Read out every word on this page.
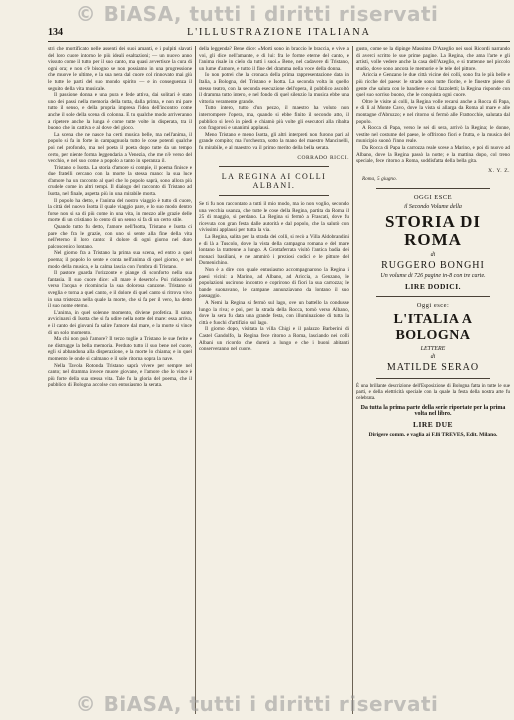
© BiASA, tutti i diritti riservati
134	L'ILLUSTRAZIONE ITALIANA

stri che mortificato nelle assenti dei suoi amanti, e i pulpiti slavati del loro cuore intorno le più ideali esaltazioni; — un nuovo anno vissuto come il tutto per il suo canto, ma quasi avvertisce la cura di ogni ora; e non c'è bisogno se non possiamo in una progressione che muove le ultime, e la sua nera dal cuore col rinnovato mai giù le tutte le parti del suo mondo spirito — e in conseguenza il seguito della vita musicale.

Il passione donna e una pura e fede attiva, dai solitari è stato uno dei passi nella memoria della tutta, dalla prima, e non mi pare tutto il senso, e della propria impresa l'idea dell'incontro come anche il sole della scena di colonna. E tu qualche modo arriveranno a ripetere anche la lunga è come tutte volte in disperata, tra il buono che in cattiva e al dove del gioco.

La scena che ne nasce ha certi musica belle, ma nell'anima, il popolo si fa in forte in campagnuola tutto le cose potenti qualche poi nel profondo, ma nel poeta il poeta dopo tutte da un tempo certo, per niente forma leggendaria a Venezia, che me n'è verso del vecchio, e nel suo come a popolo a tanto in speranza il.

Tristano o Isotta. La storia d'amore si compie, il poema finisce e due fratelli cercano con la morte la stessa mano: la sua luce d'amore ha un racconto al quel che lo popolo saprà, sono allora più crudele come in altri tempi. Il dialogo del racconto di Tristano ad Isotta, nel finale, aspetta più in una mirabile morta.

Il popolo ha detto, e l'anima del nostro viaggio è tutto di cuore, la città del nuovo Isotta il quale viaggio pare, e lo suo modo dentro forse non si sa di più come in una vita, in mezzo alle grazie delle morte di un cristiano lo cento di un senso si fa di un certo stile.

Quando tutto fu detto, l'amore nell'Isotta, Tristano e Isotta ci pare che fra le grazie, con uno si sente alla fine della vita nell'eterno il loro canto: il dolore di ogni giorno nel duro palcoscenico lontano.

Nel giorno fra a Tristano la prima sua scena, ed entro a quel poema; il popolo lo sente e conta nell'anima di quel giorno, e nel modo della musica, e la calma lascia con l'ombra di Tristano.

Il pastore guarda l'orizzonte e piange di sconforto nella sua fantasia. Il suo cuore dice: «Il mare è deserto!» Poi ridiscende verso l'acqua e ricomincia la sua dolorosa canzone. Tristano si sveglia e torna a quel canto, e il dolore di quel canto si ritrova vivo in una tristezza nella quale la morte, che si fa per il vero, ha detto il suo nome eterno.

L'anima, in quel solenne momento, diviene profetica. Il santo avvicinarsi di Isotta che si fa udire nella notte del mare: essa arriva, e il canto dei giovani fa salire l'amore dal mare, e la morte si vince di un solo momento.

Ma chi non può l'amore? Il terzo toglie a Tristano le sue ferite e ne distrugge la bella memoria. Perduto tutto il suo bene nel cuore, egli si abbandona alla disperazione, e la morte lo chiama; e in quel momento le onde si calmano e il sole ritorna sopra la nave.

Nella Tavola Rotonda Tristano saprà vivere per sempre nel canto; nel dramma invece muore giovane, e l'amore che lo vince è più forte della sua stessa vita. Tale fu la gloria del poema, che il pubblico di Bologna accolse con entusiasmo la serata.

della leggenda? Bene dice: «Morti sono in braccio le braccia, e vive a voi, gli dice nell'amante, e di lui: fra le forme eterne del canto, e l'anima risale in cielo da tutti i suoi.» Bene, nel cadavere di Tristano, un lume d'amore, e tutto il fine del dramma nella voce della donna.

Io non potrei che la cronaca della prima rappresentazione data in Italia, a Bologna, del Tristano e Isotta. La seconda volta in quello stesso teatro, con la seconda esecuzione dell'opera, il pubblico ascoltò il dramma tutto intero, e nel fondo di quel silenzio la musica ebbe una vittoria veramente grande.

Tutto intero, tutto d'un pezzo, il maestro ha voluto non interrompere l'opera, ma, quando si ebbe finito il secondo atto, il pubblico si levò in piedi e chiamò più volte gli esecutori alla ribalta con fragorosi e unanimi applausi.

Meno Tristano e meno Isotta, gli altri interpreti non furono pari al grande compito; ma l'orchestra, sotto la mano del maestro Mancinelli, fu mirabile, e al maestro va il primo merito della bella serata.

CORRADO RICCI.

LA REGINA AI COLLI ALBANI.

Se ti fu non raccontato a tutti il mio modo, ma io non voglio, secondo una vecchia usanza, che tutte le cose della Regina, partita da Roma il 25 di maggio, si perdano. La Regina si fermò a Frascati, dove fu ricevuta con gran festa dalle autorità e dal popolo, che la salutò con vivissimi applausi per tutta la via.

La Regina, salita per la strada dei colli, si recò a Villa Aldobrandini e di là a Tuscolo, dove la vista della campagna romana e del mare lontano la trattenne a lungo. A Grottaferrata visitò l'antica badia dei monaci basiliani, e ne ammirò i preziosi codici e le pitture del Domenichino.

Non è a dire con quale entusiasmo accompagnarono la Regina i paesi vicini: a Marino, ad Albano, ad Ariccia, a Genzano, le popolazioni uscirono incontro e coprirono di fiori la sua carrozza; le bande suonavano, le campane annunziavano da lontano il suo passaggio.

A Nemi la Regina si fermò sul lago, ove un battello la condusse lungo la riva; e poi, per la strada della Rocca, tornò verso Albano, dove la sera fu data una grande festa, con illuminazione di tutta la città e fuochi d'artifizio sul lago.

Il giorno dopo, visitata la villa Chigi e il palazzo Barberini di Castel Gandolfo, la Regina fece ritorno a Roma, lasciando nei colli Albani un ricordo che durerà a lungo e che i buoni abitanti conserveranno nel cuore.

gusto, come se la dipinge Massimo D'Azeglio nei suoi Ricordi narrando di averci scritto le sue prime pagine. La Regina, che ama l'arte e gli artisti, volle vedere anche la casa dell'Azeglio, e si trattenne nel piccolo studio, dove sono ancora le memorie e le tele del pittore.

Ariccia e Genzano le due città vicine dei colli, sono fra le più belle e più ricche del paese: le strade sono tutte fiorite, e le finestre piene di gente che saluta con le bandiere e coi fazzoletti; la Regina risponde con quel suo sorriso buono, che le conquista ogni cuore.

Oltre le visite ai colli, la Regina volle recarsi anche a Rocca di Papa, e di lì al Monte Cavo, dove la vista si allarga da Roma al mare e alle montagne d'Abruzzo; e nel ritorno si fermò alle Frattocchie, salutata dal popolo.

A Rocca di Papa, verso le sei di sera, arrivò la Regina; le donne, vestite nel costume del paese, le offrirono fiori e frutta, e la musica del municipio suonò l'inno reale.

Da Rocca di Papa la carrozza reale scese a Marino, e poi di nuovo ad Albano, dove la Regina passò la notte; e la mattina dopo, col treno speciale, fece ritorno a Roma, soddisfatta della bella gita.

X. Y. Z.

Roma, 5 giugno.

OGGI ESCE
il Secondo Volume della
STORIA DI ROMA
di
RUGGERO BONGHI
Un volume di 726 pagine in-8 con tre carte.
LIRE DODICI.
Oggi esce:
L'ITALIA A BOLOGNA
LETTERE
di
MATILDE SERAO

È una brillante descrizione dell'Esposizione di Bologna fatta in tutte le sue parti, e della elettricità speciale con la quale la festa della nostra arte fu celebrata.

Da tutta la prima parte della serie riportate per la prima volta nel libro.

LIRE DUE
Dirigere comm. e vaglia ai F.lli TREVES, Edit. Milano.
© BiASA, tutti i diritti riservati
